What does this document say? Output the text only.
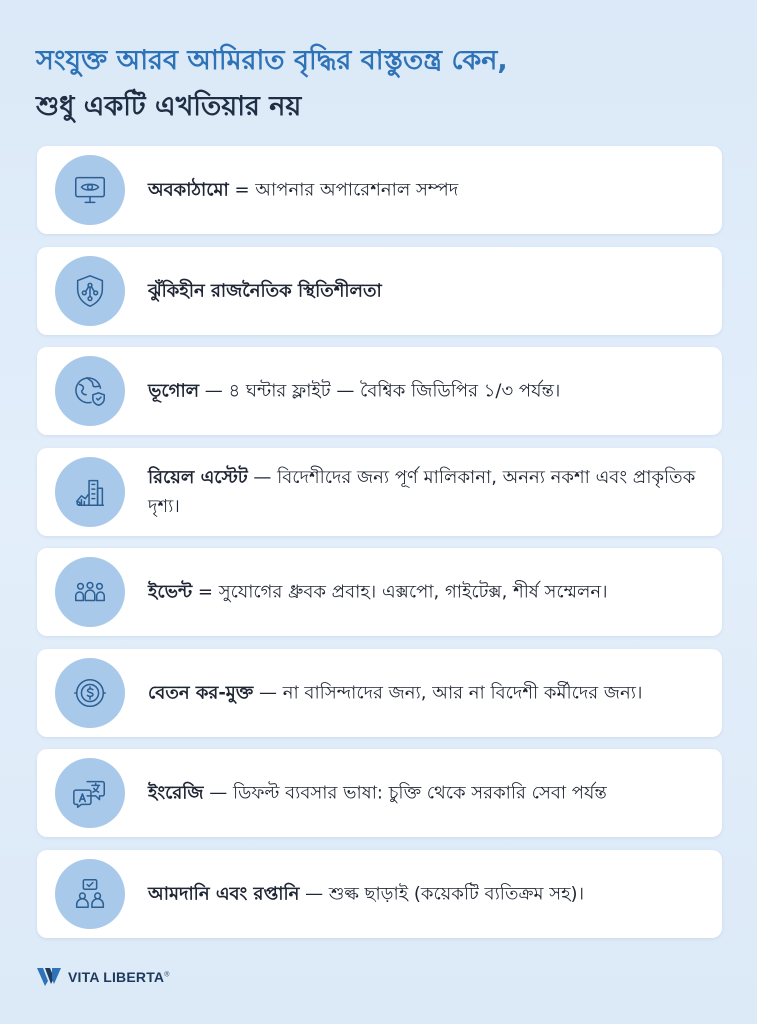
সংযুক্ত আরব আমিরাত বৃদ্ধির বাস্তুতন্ত্র কেন,
শুধু একটি এখতিয়ার নয়
অবকাঠামো = আপনার অপারেশনাল সম্পদ
ঝুঁকিহীন রাজনৈতিক স্থিতিশীলতা
ভূগোল — ৪ ঘন্টার ফ্লাইট — বৈশ্বিক জিডিপির ১/৩ পর্যন্ত।
রিয়েল এস্টেট — বিদেশীদের জন্য পূর্ণ মালিকানা, অনন্য নকশা এবং প্রাকৃতিক দৃশ্য।
ইভেন্ট = সুযোগের ধ্রুবক প্রবাহ। এক্সপো, গাইটেক্স, শীর্ষ সম্মেলন।
বেতন কর-মুক্ত — না বাসিন্দাদের জন্য, আর না বিদেশী কর্মীদের জন্য।
ইংরেজি — ডিফল্ট ব্যবসার ভাষা: চুক্তি থেকে সরকারি সেবা পর্যন্ত
আমদানি এবং রপ্তানি — শুল্ক ছাড়াই (কয়েকটি ব্যতিক্রম সহ)।
VITA LIBERTA®
